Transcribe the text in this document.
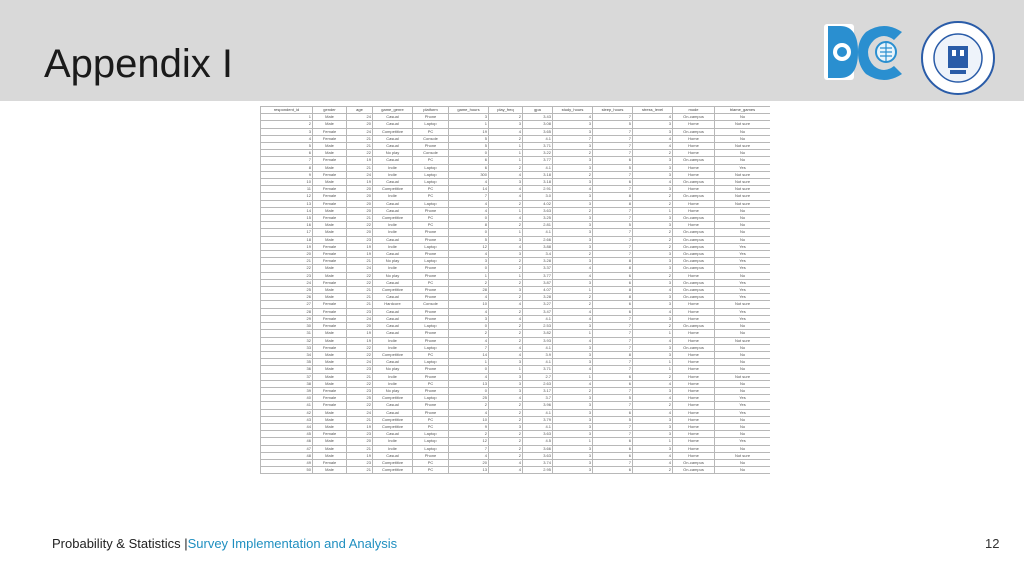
Appendix I
respondent_id	gender	age	game_genre	platform	game_hours	play_freq	gpa	study_hours	sleep_hours	stress_level	mode	blame_games
1	Male	24	Casual	Phone	3	2	3.43	4	7	4	On-campus	No
2	Male	20	Casual	Laptop	1	3	3.08	3	5	3	Home	Not sure
3	Female	24	Competitive	PC	19	4	3.65	3	7	3	On-campus	No
4	Female	21	Casual	Console	5	2	4.1	7	7	4	Home	No
5	Male	21	Casual	Phone	5	1	3.71	3	7	4	Home	Not sure
6	Male	22	No play	Console	0	1	3.22	2	7	2	Home	No
7	Female	19	Casual	PC	6	1	3.77	3	6	3	On-campus	No
8	Male	21	Indie	Laptop	6	2	4.1	3	5	3	Home	Yes
9	Female	24	Indie	Laptop	300	4	3.18	2	7	3	Home	Not sure
10	Male	19	Casual	Laptop	4	3	3.18	3	6	4	On-campus	Not sure
11	Female	20	Competitive	PC	14	4	2.91	4	7	3	Home	Not sure
12	Female	20	Indie	PC	7	4	3.0	3	8	2	On-campus	Not sure
13	Female	20	Casual	Laptop	4	2	4.02	3	8	2	Home	Not sure
14	Male	20	Casual	Phone	4	1	3.63	2	7	1	Home	No
15	Female	21	Competitive	PC	0	4	3.25	3	7	3	On-campus	No
16	Male	22	Indie	PC	8	2	2.81	3	5	3	Home	No
17	Male	20	Indie	Phone	0	1	4.1	3	7	2	On-campus	No
18	Male	23	Casual	Phone	5	3	2.66	3	7	2	On-campus	No
19	Female	19	Indie	Laptop	12	4	3.88	3	7	2	On-campus	Yes
20	Female	19	Casual	Phone	4	3	3.4	2	7	3	On-campus	Yes
21	Female	21	No play	Laptop	3	2	3.28	3	8	3	On-campus	Yes
22	Male	24	Indie	Phone	0	2	3.37	4	8	3	On-campus	Yes
23	Male	22	No play	Phone	1	1	3.77	4	6	2	Home	No
24	Female	22	Casual	PC	2	2	3.87	3	6	3	On-campus	Yes
25	Male	21	Competitive	Phone	28	3	4.07	1	8	4	On-campus	Yes
26	Male	21	Casual	Phone	4	2	3.28	2	8	3	On-campus	Yes
27	Female	21	Hardcore	Console	10	4	3.27	2	6	3	Home	Not sure
28	Female	23	Casual	Phone	4	2	3.47	4	6	4	Home	Yes
29	Female	24	Casual	Phone	3	4	4.1	4	7	3	Home	Yes
30	Female	20	Casual	Laptop	0	2	2.53	3	7	2	On-campus	No
31	Male	19	Casual	Phone	2	2	3.82	1	7	1	Home	No
32	Male	19	Indie	Phone	4	2	3.93	4	7	4	Home	Not sure
33	Female	22	Indie	Laptop	7	4	4.1	3	7	3	On-campus	No
34	Male	22	Competitive	PC	14	4	3.9	3	8	3	Home	No
35	Male	24	Casual	Laptop	1	3	4.1	3	7	1	Home	No
36	Male	23	No play	Phone	0	1	3.71	4	7	1	Home	No
37	Male	21	Indie	Phone	4	3	2.7	1	6	2	Home	Not sure
38	Male	22	Indie	PC	13	3	2.63	4	6	4	Home	No
39	Female	23	No play	Phone	0	3	3.17	2	7	3	Home	No
40	Female	25	Competitive	Laptop	25	4	3.7	3	5	4	Home	Yes
41	Female	22	Casual	Phone	2	2	3.96	3	7	2	Home	Yes
42	Male	24	Casual	Phone	4	2	4.1	3	6	4	Home	Yes
43	Male	21	Competitive	PC	10	2	3.79	3	5	3	Home	No
44	Male	19	Competitive	PC	9	3	4.1	3	7	3	Home	No
45	Female	23	Casual	Laptop	2	2	3.63	3	7	3	Home	No
46	Male	20	Indie	Laptop	12	2	4.5	1	6	1	Home	Yes
47	Male	21	Indie	Laptop	7	2	3.66	3	6	3	Home	No
48	Male	19	Casual	Phone	4	2	3.63	3	6	4	Home	Not sure
49	Female	23	Competitive	PC	20	4	3.74	3	7	4	On-campus	No
50	Male	21	Competitive	PC	13	4	2.95	3	6	2	On-campus	No
Probability & Statistics |Survey Implementation and Analysis	12
